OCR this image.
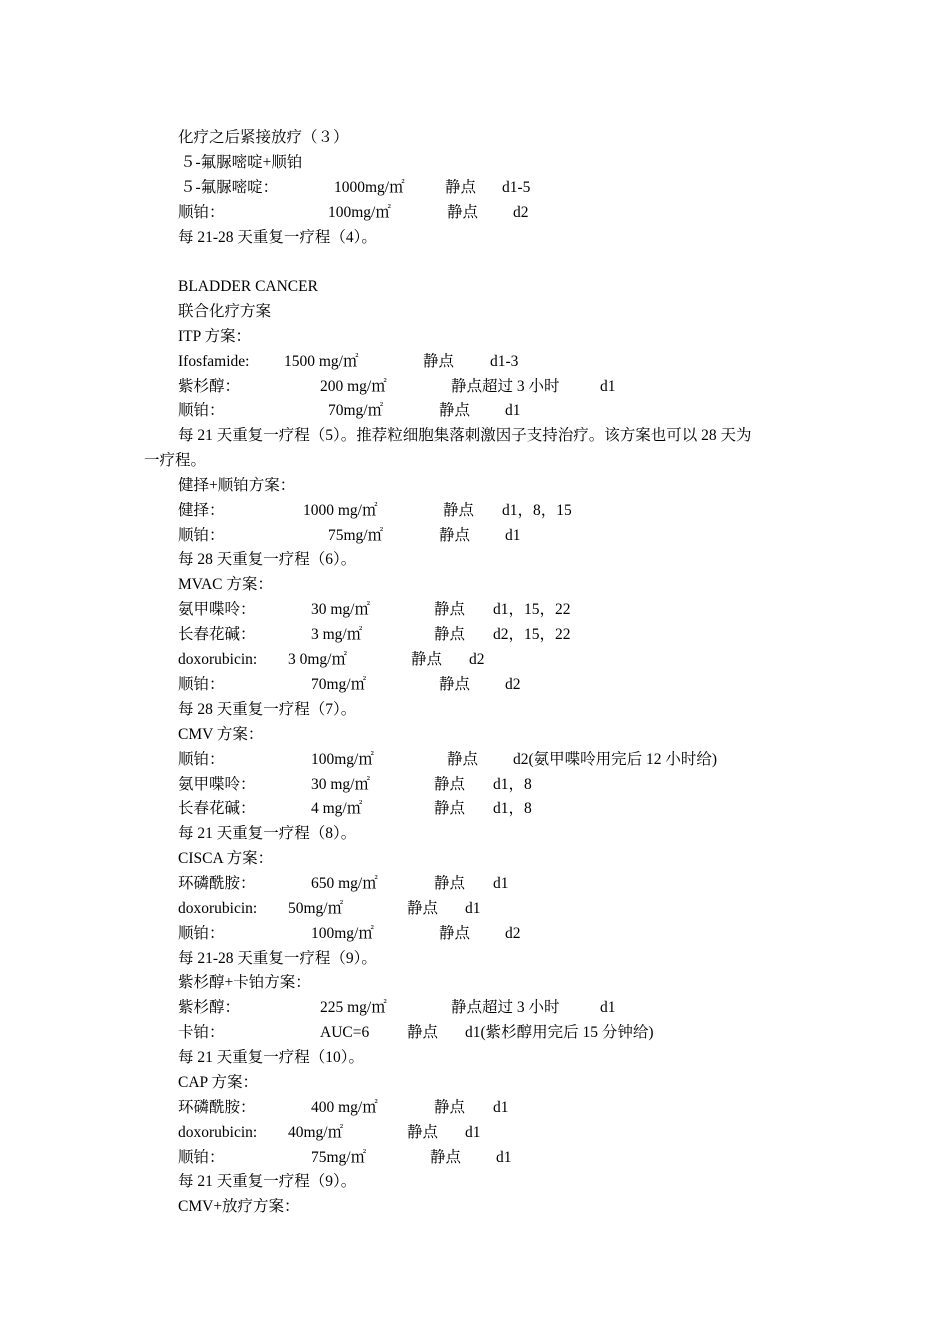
化疗之后紧接放疗（３）
５-氟脲嘧啶+顺铂
５-氟脲嘧啶：	1000mg/㎡	静点 d1-5
顺铂：	100mg/㎡	静点 d2
每 21-28 天重复一疗程（4）。
BLADDER CANCER
联合化疗方案
ITP 方案：
Ifosfamide: 1500 mg/㎡	静点 d1-3
紫杉醇：	200 mg/㎡	静点超过 3 小时	d1
顺铂：	70mg/㎡	静点 d1
每 21 天重复一疗程（5）。推荐粒细胞集落刺激因子支持治疗。该方案也可以 28 天为
一疗程。
健择+顺铂方案：
健择：	1000 mg/㎡	静点 d1，8，15
顺铂：	75mg/㎡	静点 d1
每 28 天重复一疗程（6）。
MVAC 方案：
氨甲喋呤：	30 mg/㎡	静点 d1，15，22
长春花碱：	3 mg/㎡	静点 d2，15，22
doxorubicin: 3 0mg/㎡	静点 d2
顺铂：	70mg/㎡	静点 d2
每 28 天重复一疗程（7）。
CMV 方案：
顺铂：	100mg/㎡	静点 d2(氨甲喋呤用完后 12 小时给)
氨甲喋呤：	30 mg/㎡	静点 d1，8
长春花碱：	4 mg/㎡	静点 d1，8
每 21 天重复一疗程（8）。
CISCA 方案：
环磷酰胺：	650 mg/㎡	静点 d1
doxorubicin: 50mg/㎡	静点 d1
顺铂：	100mg/㎡	静点 d2
每 21-28 天重复一疗程（9）。
紫杉醇+卡铂方案：
紫杉醇：	225 mg/㎡	静点超过 3 小时	d1
卡铂：	AUC=6 静点 d1(紫杉醇用完后 15 分钟给)
每 21 天重复一疗程（10）。
CAP 方案：
环磷酰胺：	400 mg/㎡	静点 d1
doxorubicin: 40mg/㎡	静点 d1
顺铂：	75mg/㎡	静点 d1
每 21 天重复一疗程（9）。
CMV+放疗方案：
